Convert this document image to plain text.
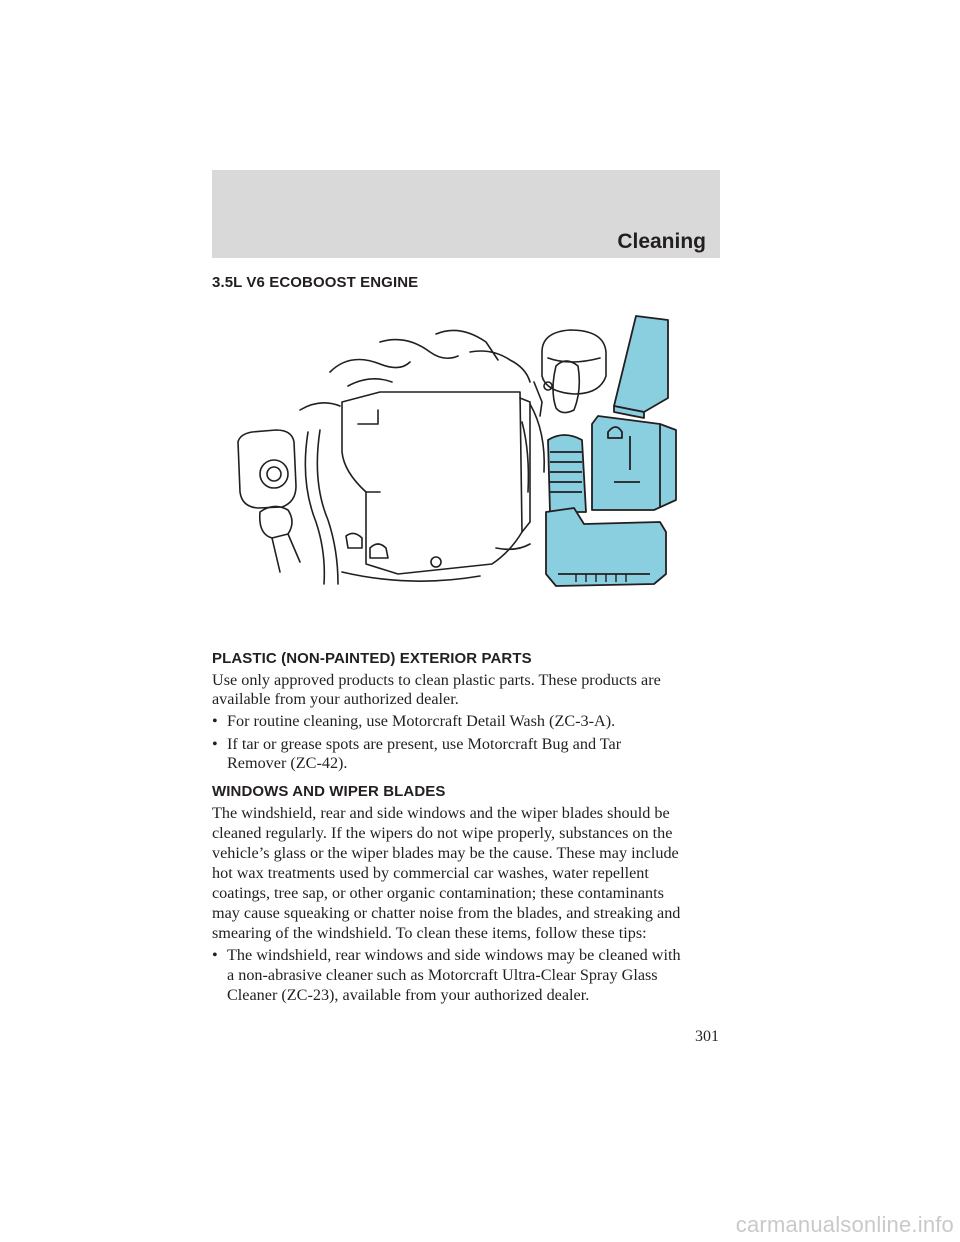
Cleaning
3.5L V6 ECOBOOST ENGINE
PLASTIC (NON-PAINTED) EXTERIOR PARTS
Use only approved products to clean plastic parts. These products are
available from your authorized dealer.
• For routine cleaning, use Motorcraft Detail Wash (ZC-3-A).
• If tar or grease spots are present, use Motorcraft Bug and Tar
Remover (ZC-42).
WINDOWS AND WIPER BLADES
The windshield, rear and side windows and the wiper blades should be
cleaned regularly. If the wipers do not wipe properly, substances on the
vehicle’s glass or the wiper blades may be the cause. These may include
hot wax treatments used by commercial car washes, water repellent
coatings, tree sap, or other organic contamination; these contaminants
may cause squeaking or chatter noise from the blades, and streaking and
smearing of the windshield. To clean these items, follow these tips:
• The windshield, rear windows and side windows may be cleaned with
a non-abrasive cleaner such as Motorcraft Ultra-Clear Spray Glass
Cleaner (ZC-23), available from your authorized dealer.
301
carmanualsonline.info
